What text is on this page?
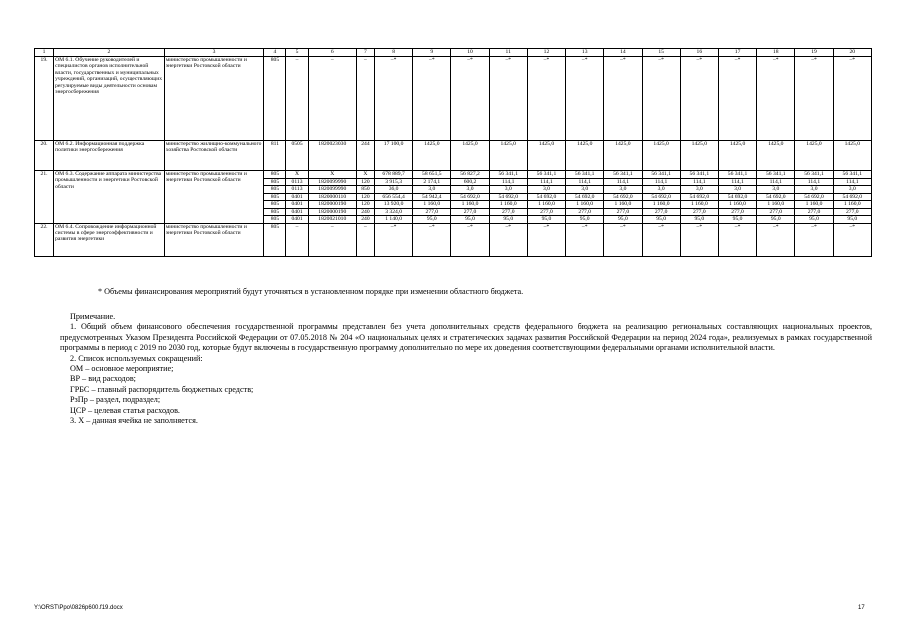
1	2	3	4	5	6	7	8	9	10	11	12	13	14	15	16	17	18	19	20
19.	ОМ 6.1. Обучение руководителей и специалистов органов исполнительной власти, государственных и муниципальных учреждений, организаций, осуществляющих регулируемые виды деятельности основам энергосбережения	министерство промышленности и энергетики Ростовской области	805	–	–	–	–*	–*	–*	–*	–*	–*	–*	–*	–*	–*	–*	–*	–*
20.	ОМ 6.2. Информационная поддержка политики энергосбережения	министерство жилищно-коммунального хозяйства Ростовской области	811	0505	1820023030	244	17 100,0	1425,0	1425,0	1425,0	1425,0	1425,0	1425,0	1425,0	1425,0	1425,0	1425,0	1425,0	1425,0
21.	ОМ 6.3. Содержание аппарата министерства промышленности и энергетики Ростовской области	министерство промышленности и энергетики Ростовской области	805	X	X	X	678 889,7	58 651,5	56 827,2	56 341,1	56 341,1	56 341,1	56 341,1	56 341,1	56 341,1	56 341,1	56 341,1	56 341,1	56 341,1
			805	0113	1820099990	120	3 915,3	2 174,1	600,2	114,1	114,1	114,1	114,1	114,1	114,1	114,1	114,1	114,1	114,1
			805	0113	1820099990	850	36,0	3,0	3,0	3,0	3,0	3,0	3,0	3,0	3,0	3,0	3,0	3,0	3,0
			805	0401	1820000110	120	656 554,4	54 942,4	54 692,0	54 692,0	54 692,0	54 692,0	54 692,0	54 692,0	54 692,0	54 692,0	54 692,0	54 692,0	54 692,0
			805	0401	1820000190	120	13 920,0	1 160,0	1 160,0	1 160,0	1 160,0	1 160,0	1 160,0	1 160,0	1 160,0	1 160,0	1 160,0	1 160,0	1 160,0
			805	0401	1820000190	240	3 324,0	277,0	277,0	277,0	277,0	277,0	277,0	277,0	277,0	277,0	277,0	277,0	277,0
			805	0401	1820021010	240	1 140,0	95,0	95,0	95,0	95,0	95,0	95,0	95,0	95,0	95,0	95,0	95,0	95,0
22.	ОМ 6.4. Сопровождение информационной системы в сфере энергоэффективности и развития энергетики	министерство промышленности и энергетики Ростовской области	805	–	–	–	–*	–*	–*	–*	–*	–*	–*	–*	–*	–*	–*	–*	–*
* Объемы финансирования мероприятий будут уточняться в установленном порядке при изменении областного бюджета.

Примечание.

1. Общий объем финансового обеспечения государственной программы представлен без учета дополнительных средств федерального бюджета на реализацию региональных составляющих национальных проектов, предусмотренных Указом Президента Российской Федерации от 07.05.2018 № 204 «О национальных целях и стратегических задачах развития Российской Федерации на период 2024 года», реализуемых в рамках государственной программы в период с 2019 по 2030 год, которые будут включены в государственную программу дополнительно по мере их доведения соответствующими федеральными органами исполнительной власти.

2. Список используемых сокращений:

ОМ – основное мероприятие;

ВР – вид расходов;

ГРБС – главный распорядитель бюджетных средств;

РзПр – раздел, подраздел;

ЦСР – целевая статья расходов.

3. Х – данная ячейка не заполняется.

Y:\ORST\Ppo\0826p600.f19.docx	17
